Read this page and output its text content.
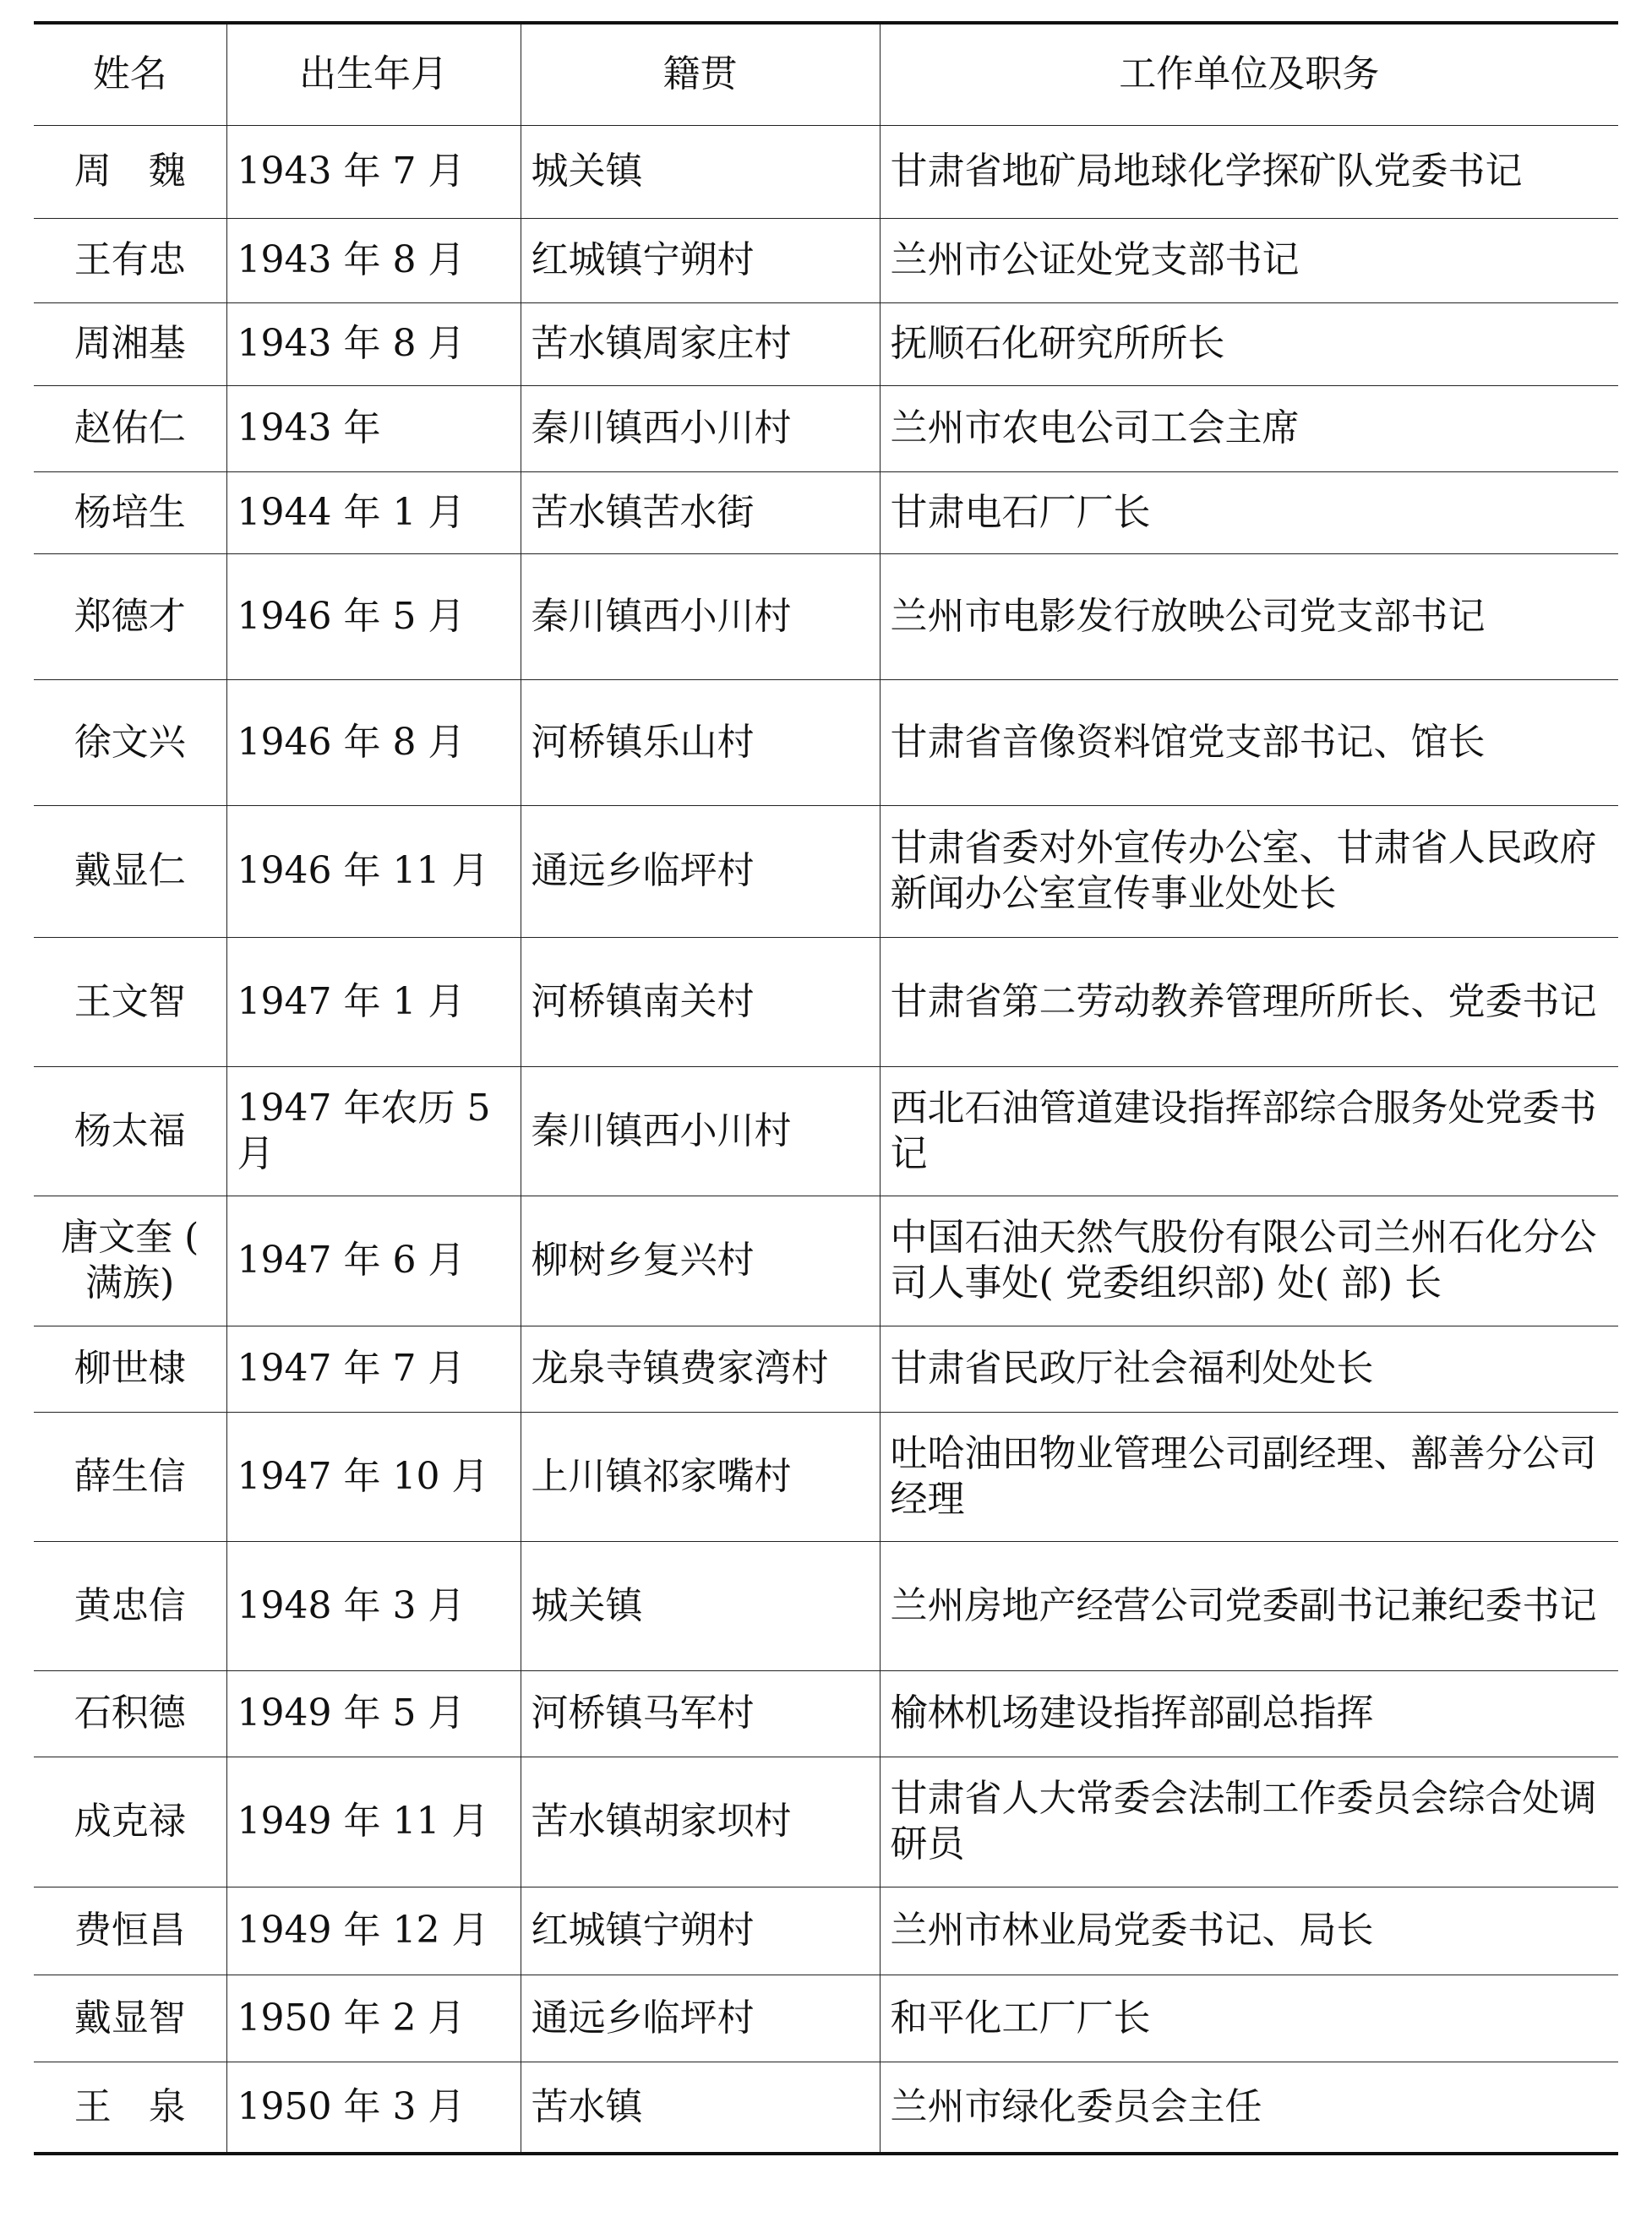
姓名	出生年月	籍贯	工作单位及职务
周　魏	1943 年 7 月	城关镇	甘肃省地矿局地球化学探矿队党委书记
王有忠	1943 年 8 月	红城镇宁朔村	兰州市公证处党支部书记
周湘基	1943 年 8 月	苦水镇周家庄村	抚顺石化研究所所长
赵佑仁	1943 年	秦川镇西小川村	兰州市农电公司工会主席
杨培生	1944 年 1 月	苦水镇苦水街	甘肃电石厂厂长
郑德才	1946 年 5 月	秦川镇西小川村	兰州市电影发行放映公司党支部书记
徐文兴	1946 年 8 月	河桥镇乐山村	甘肃省音像资料馆党支部书记、馆长
戴显仁	1946 年 11 月	通远乡临坪村	甘肃省委对外宣传办公室、甘肃省人民政府新闻办公室宣传事业处处长
王文智	1947 年 1 月	河桥镇南关村	甘肃省第二劳动教养管理所所长、党委书记
杨太福	1947 年农历 5 月	秦川镇西小川村	西北石油管道建设指挥部综合服务处党委书记
唐文奎 ( 满族)	1947 年 6 月	柳树乡复兴村	中国石油天然气股份有限公司兰州石化分公司人事处( 党委组织部) 处( 部) 长
柳世棣	1947 年 7 月	龙泉寺镇费家湾村	甘肃省民政厅社会福利处处长
薛生信	1947 年 10 月	上川镇祁家嘴村	吐哈油田物业管理公司副经理、鄯善分公司经理
黄忠信	1948 年 3 月	城关镇	兰州房地产经营公司党委副书记兼纪委书记
石积德	1949 年 5 月	河桥镇马军村	榆林机场建设指挥部副总指挥
成克禄	1949 年 11 月	苦水镇胡家坝村	甘肃省人大常委会法制工作委员会综合处调研员
费恒昌	1949 年 12 月	红城镇宁朔村	兰州市林业局党委书记、局长
戴显智	1950 年 2 月	通远乡临坪村	和平化工厂厂长
王　泉	1950 年 3 月	苦水镇	兰州市绿化委员会主任
